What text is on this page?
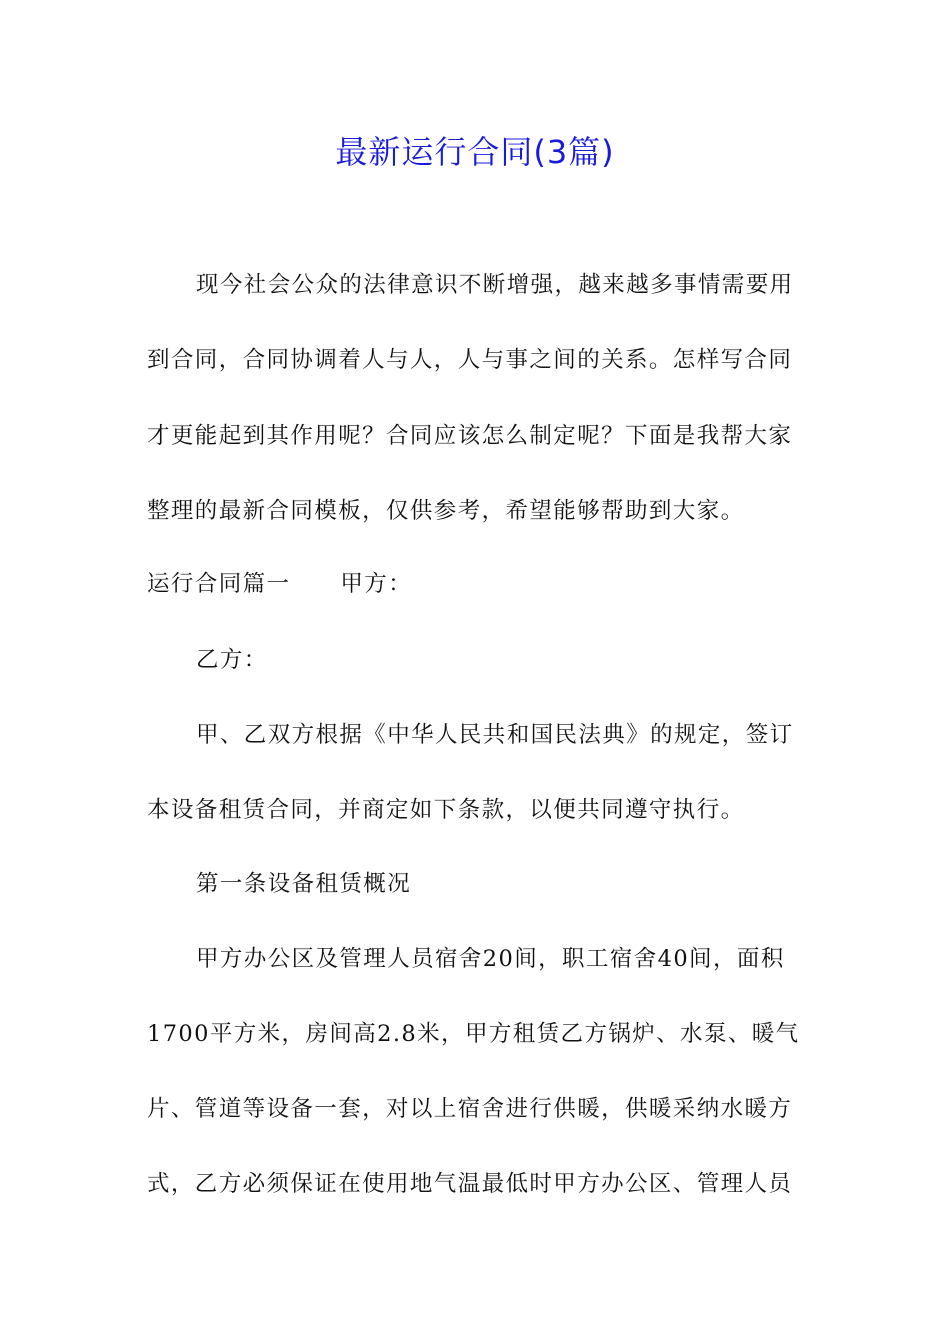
最新运行合同(3篇)
现今社会公众的法律意识不断增强，越来越多事情需要用
到合同，合同协调着人与人，人与事之间的关系。怎样写合同
才更能起到其作用呢？合同应该怎么制定呢？下面是我帮大家
整理的最新合同模板，仅供参考，希望能够帮助到大家。
运行合同篇一 甲方：
乙方：
甲、乙双方根据《中华人民共和国民法典》的规定，签订
本设备租赁合同，并商定如下条款，以便共同遵守执行。
第一条设备租赁概况
甲方办公区及管理人员宿舍20间，职工宿舍40间，面积
1700平方米，房间高2.8米，甲方租赁乙方锅炉、水泵、暖气
片、管道等设备一套，对以上宿舍进行供暖，供暖采纳水暖方
式，乙方必须保证在使用地气温最低时甲方办公区、管理人员
